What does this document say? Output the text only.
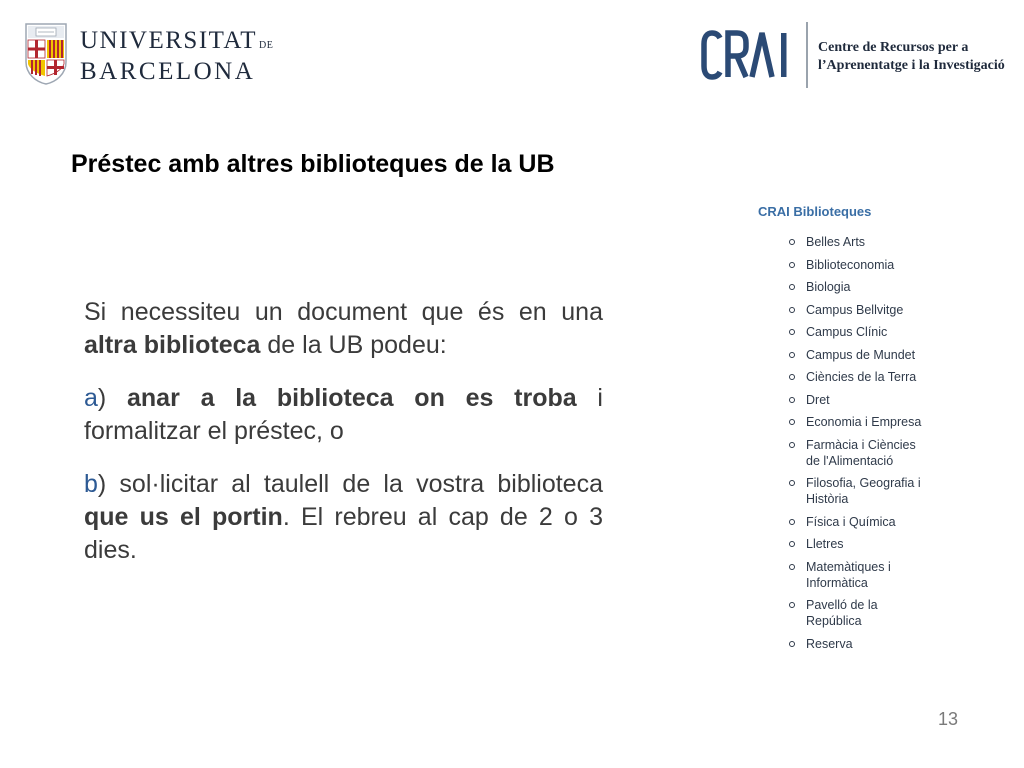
UNIVERSITAT DE
BARCELONA
Centre de Recursos per a
l’Aprenentatge i la Investigació
Préstec amb altres biblioteques de la UB

Si necessiteu un document que és en una altra biblioteca de la UB podeu:

a) anar a la biblioteca on es troba i formalitzar el préstec, o

b) sol·licitar al taulell de la vostra biblioteca que us el portin. El rebreu al cap de 2 o 3 dies.

CRAI Biblioteques
Belles Arts
Biblioteconomia
Biologia
Campus Bellvitge
Campus Clínic
Campus de Mundet
Ciències de la Terra
Dret
Economia i Empresa
Farmàcia i Ciències
de l'Alimentació
Filosofia, Geografia i
Història
Física i Química
Lletres
Matemàtiques i
Informàtica
Pavelló de la
República
Reserva
13
